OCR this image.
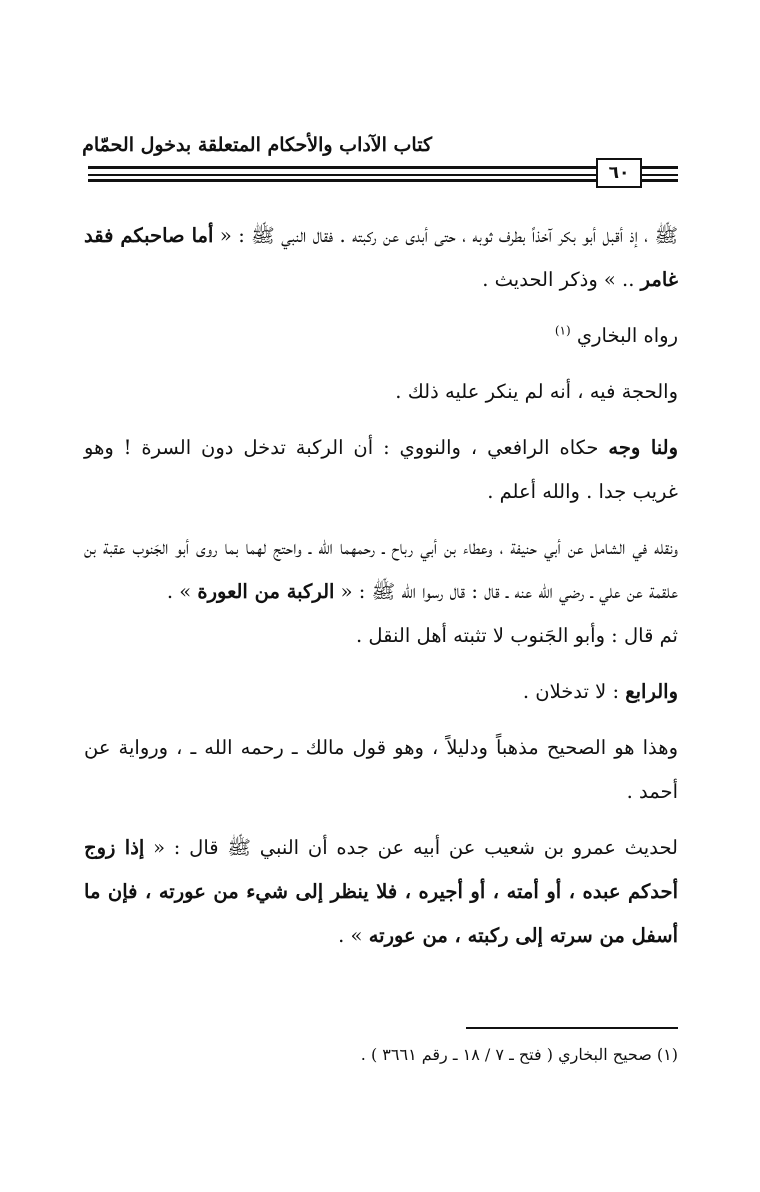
كتاب الآداب والأحكام المتعلقة بدخول الحمّام
٦٠

ﷺ ، إذ أقبل أبو بكر آخذاً بطرف ثوبه ، حتى أبدى عن ركبته . فقال النبي ﷺ : « أما صاحبكم فقد غامر .. » وذكر الحديث .

رواه البخاري $^{(١)}$

والحجة فيه ، أنه لم ينكر عليه ذلك .

ولنا وجه حكاه الرافعي ، والنووي : أن الركبة تدخل دون السرة ! وهو غريب جدا . والله أعلم .

ونقله في الشامل عن أبي حنيفة ، وعطاء بن أبي رباح ـ رحمهما الله ـ واحتج لهما بما روى أبو الجَنوب عقبة بن علقمة عن علي ـ رضي الله عنه ـ قال : قال رسوا الله ﷺ : « الركبة من العورة » .

ثم قال : وأبو الجَنوب لا تثبته أهل النقل .

والرابع : لا تدخلان .

وهذا هو الصحيح مذهباً ودليلاً ، وهو قول مالك ـ رحمه الله ـ ، ورواية عن أحمد .

لحديث عمرو بن شعيب عن أبيه عن جده أن النبي ﷺ قال : « إذا زوج أحدكم عبده ، أو أمته ، أو أجيره ، فلا ينظر إلى شيء من عورته ، فإن ما أسفل من سرته إلى ركبته ، من عورته » .

(١) صحيح البخاري ( فتح ـ ٧ / ١٨ ـ رقم ٣٦٦١ ) .
